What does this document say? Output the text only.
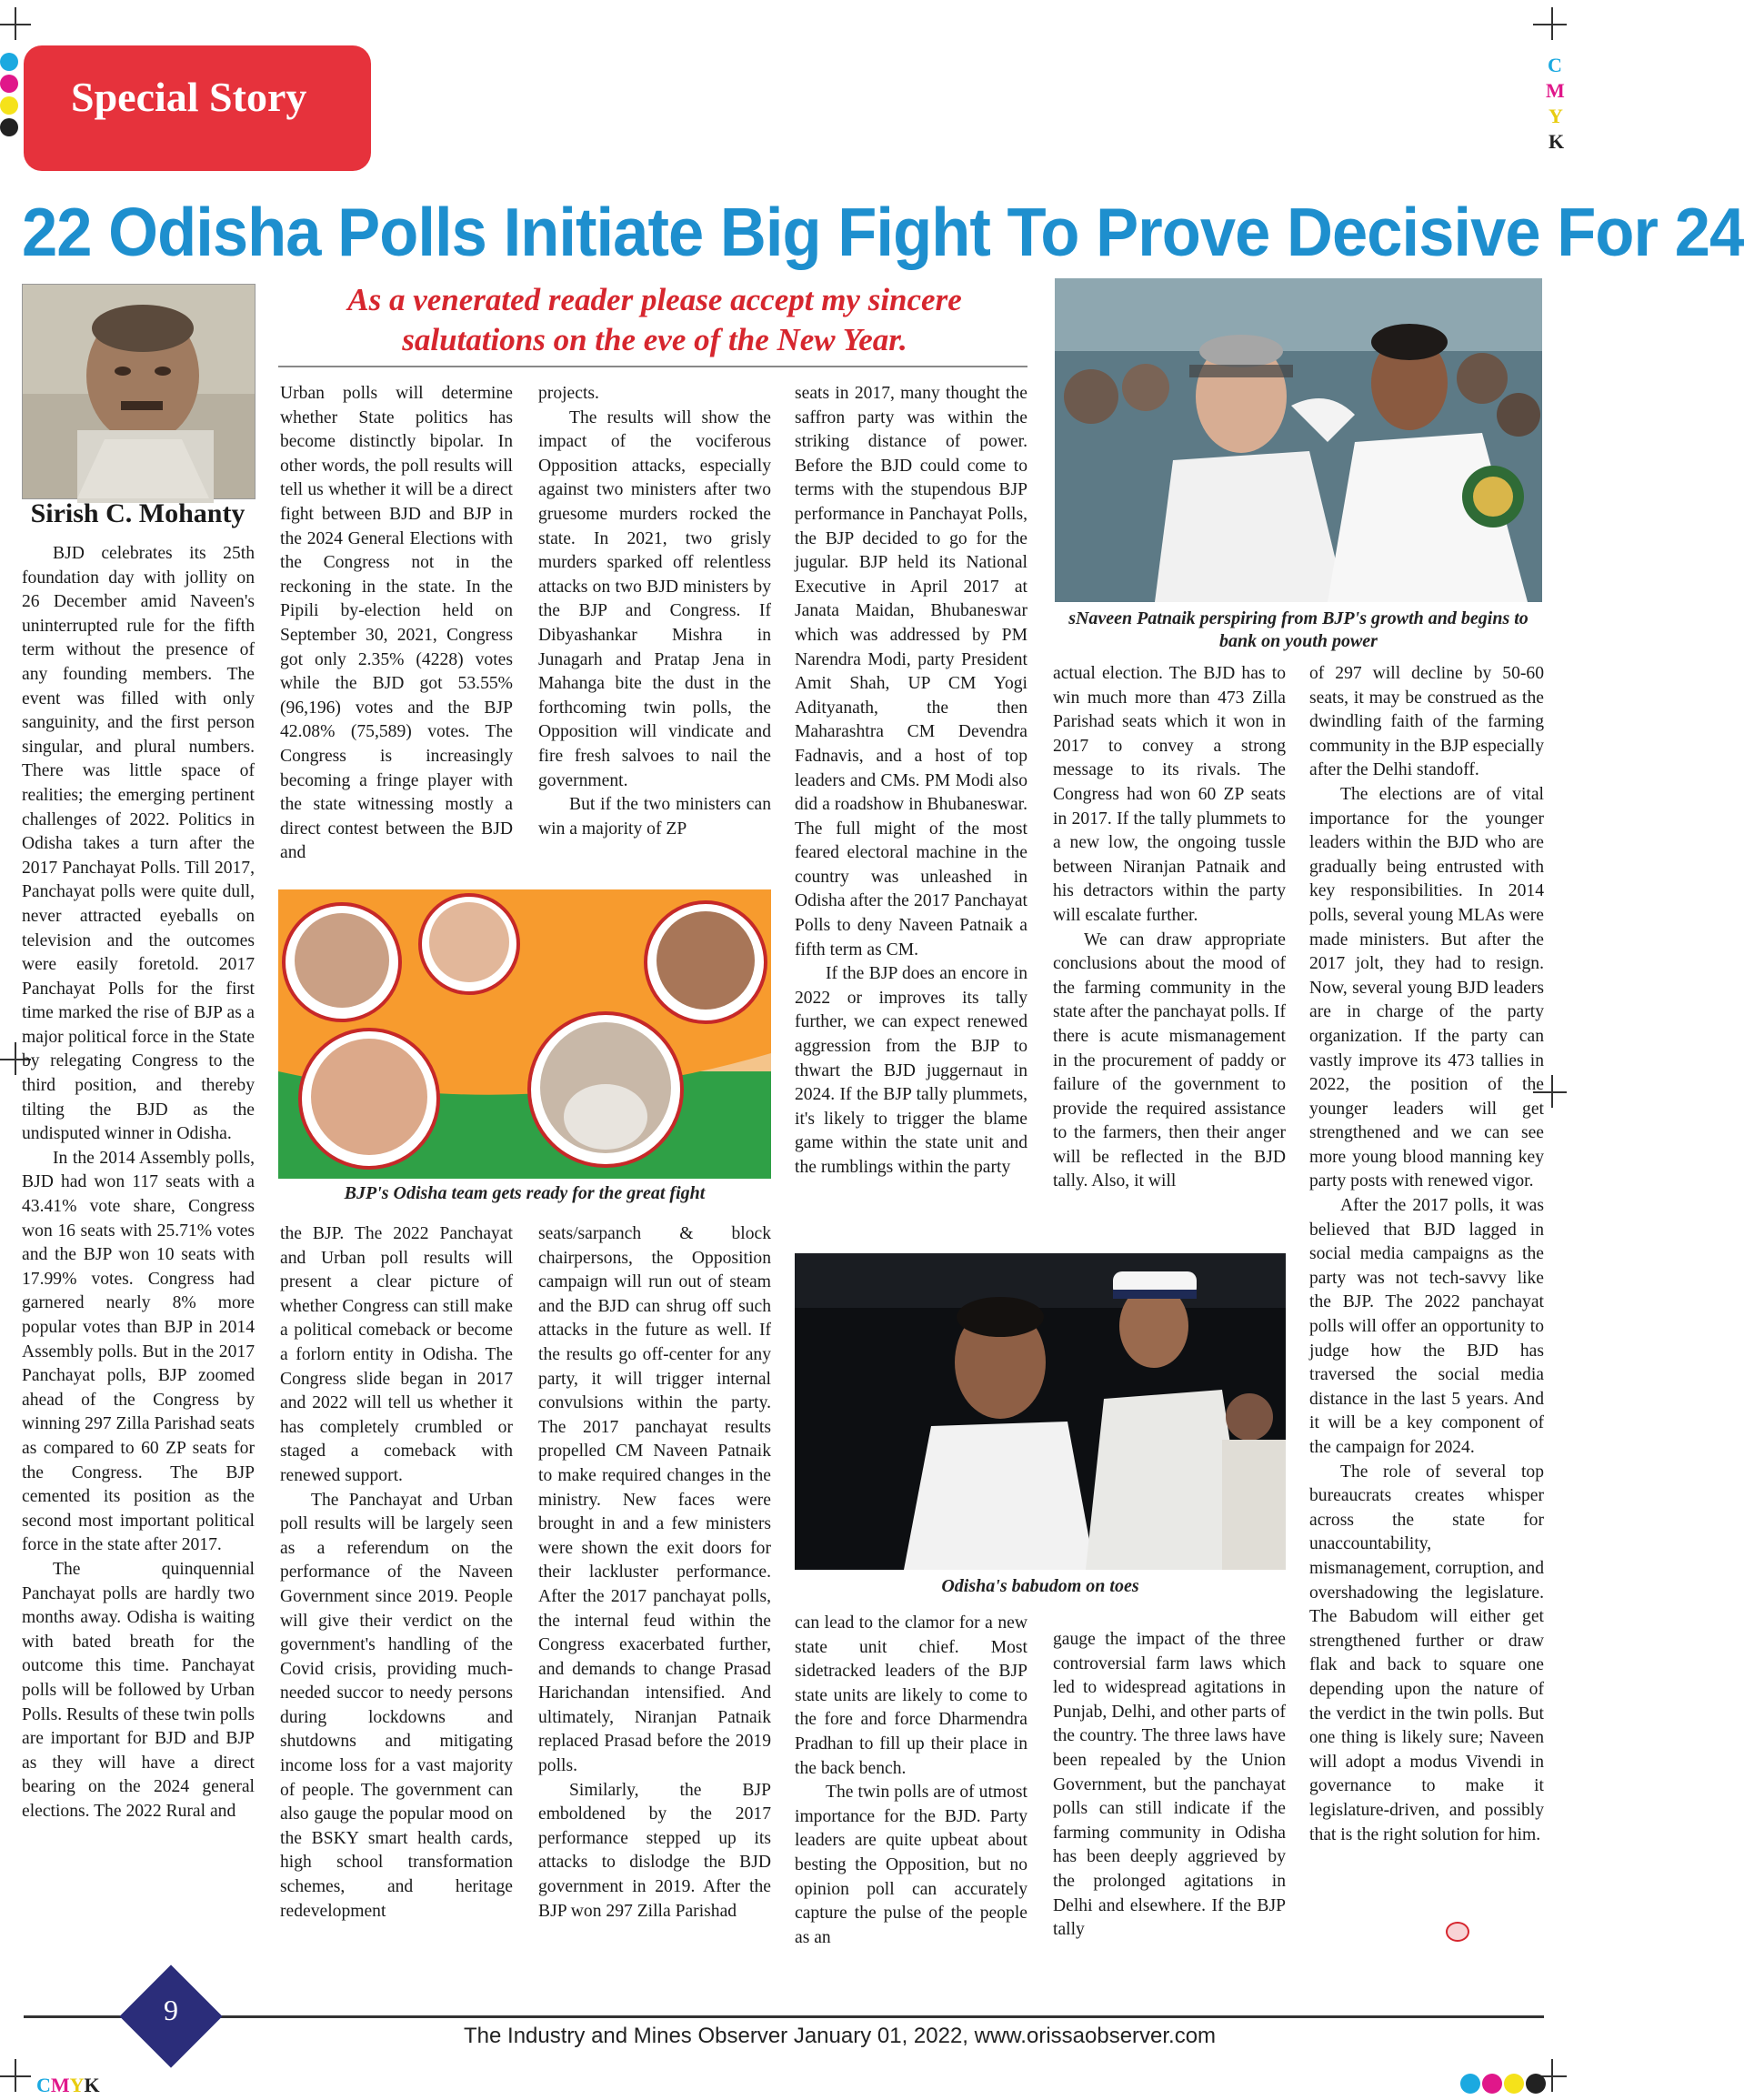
C
M
Y
K
CMYK
Special Story
22 Odisha Polls Initiate Big Fight To Prove Decisive For 24
Sirish C. Mohanty
As a venerated reader please accept my sincere salutations on the eve of the New Year.
sNaveen Patnaik perspiring from BJP's growth and begins to bank on youth power
BJP's Odisha team gets ready for the great fight
Odisha's babudom on toes

BJD celebrates its 25th foundation day with jollity on 26 December amid Naveen's uninterrupted rule for the fifth term without the presence of any founding members. The event was filled with only sanguinity, and the first person singular, and plural numbers. There was little space of realities; the emerging pertinent challenges of 2022. Politics in Odisha takes a turn after the 2017 Panchayat Polls. Till 2017, Panchayat polls were quite dull, never attracted eyeballs on television and the outcomes were easily foretold. 2017 Panchayat Polls for the first time marked the rise of BJP as a major political force in the State by relegating Congress to the third position, and thereby tilting the BJD as the undisputed winner in Odisha.

In the 2014 Assembly polls, BJD had won 117 seats with a 43.41% vote share, Congress won 16 seats with 25.71% votes and the BJP won 10 seats with 17.99% votes. Congress had garnered nearly 8% more popular votes than BJP in 2014 Assembly polls. But in the 2017 Panchayat polls, BJP zoomed ahead of the Congress by winning 297 Zilla Parishad seats as compared to 60 ZP seats for the Congress. The BJP cemented its position as the second most important political force in the state after 2017.

The quinquennial Panchayat polls are hardly two months away. Odisha is waiting with bated breath for the outcome this time. Panchayat polls will be followed by Urban Polls. Results of these twin polls are important for BJD and BJP as they will have a direct bearing on the 2024 general elections. The 2022 Rural and

Urban polls will determine whether State politics has become distinctly bipolar. In other words, the poll results will tell us whether it will be a direct fight between BJD and BJP in the 2024 General Elections with the Congress not in the reckoning in the state. In the Pipili by-election held on September 30, 2021, Congress got only 2.35% (4228) votes while the BJD got 53.55% (96,196) votes and the BJP 42.08% (75,589) votes. The Congress is increasingly becoming a fringe player with the state witnessing mostly a direct contest between the BJD and

projects.

The results will show the impact of the vociferous Opposition attacks, especially against two ministers after two gruesome murders rocked the state. In 2021, two grisly murders sparked off relentless attacks on two BJD ministers by the BJP and Congress. If Dibyashankar Mishra in Junagarh and Pratap Jena in Mahanga bite the dust in the forthcoming twin polls, the Opposition will vindicate and fire fresh salvoes to nail the government.

But if the two ministers can win a majority of ZP

seats in 2017, many thought the saffron party was within the striking distance of power. Before the BJD could come to terms with the stupendous BJP performance in Panchayat Polls, the BJP decided to go for the jugular. BJP held its National Executive in April 2017 at Janata Maidan, Bhubaneswar which was addressed by PM Narendra Modi, party President Amit Shah, UP CM Yogi Adityanath, the then Maharashtra CM Devendra Fadnavis, and a host of top leaders and CMs. PM Modi also did a roadshow in Bhubaneswar. The full might of the most feared electoral machine in the country was unleashed in Odisha after the 2017 Panchayat Polls to deny Naveen Patnaik a fifth term as CM.

If the BJP does an encore in 2022 or improves its tally further, we can expect renewed aggression from the BJP to thwart the BJD juggernaut in 2024. If the BJP tally plummets, it's likely to trigger the blame game within the state unit and the rumblings within the party

the BJP. The 2022 Panchayat and Urban poll results will present a clear picture of whether Congress can still make a political comeback or become a forlorn entity in Odisha. The Congress slide began in 2017 and 2022 will tell us whether it has completely crumbled or staged a comeback with renewed support.

The Panchayat and Urban poll results will be largely seen as a referendum on the performance of the Naveen Government since 2019. People will give their verdict on the government's handling of the Covid crisis, providing much-needed succor to needy persons during lockdowns and shutdowns and mitigating income loss for a vast majority of people. The government can also gauge the popular mood on the BSKY smart health cards, high school transformation schemes, and heritage redevelopment

seats/sarpanch & block chairpersons, the Opposition campaign will run out of steam and the BJD can shrug off such attacks in the future as well. If the results go off-center for any party, it will trigger internal convulsions within the party. The 2017 panchayat results propelled CM Naveen Patnaik to make required changes in the ministry. New faces were brought in and a few ministers were shown the exit doors for their lackluster performance. After the 2017 panchayat polls, the internal feud within the Congress exacerbated further, and demands to change Prasad Harichandan intensified. And ultimately, Niranjan Patnaik replaced Prasad before the 2019 polls.

Similarly, the BJP emboldened by the 2017 performance stepped up its attacks to dislodge the BJD government in 2019. After the BJP won 297 Zilla Parishad

actual election. The BJD has to win much more than 473 Zilla Parishad seats which it won in 2017 to convey a strong message to its rivals. The Congress had won 60 ZP seats in 2017. If the tally plummets to a new low, the ongoing tussle between Niranjan Patnaik and his detractors within the party will escalate further.

We can draw appropriate conclusions about the mood of the farming community in the state after the panchayat polls. If there is acute mismanagement in the procurement of paddy or failure of the government to provide the required assistance to the farmers, then their anger will be reflected in the BJD tally. Also, it will

of 297 will decline by 50-60 seats, it may be construed as the dwindling faith of the farming community in the BJP especially after the Delhi standoff.

The elections are of vital importance for the younger leaders within the BJD who are gradually being entrusted with key responsibilities. In 2014 polls, several young MLAs were made ministers. But after the 2017 jolt, they had to resign. Now, several young BJD leaders are in charge of the party organization. If the party can vastly improve its 473 tallies in 2022, the position of the younger leaders will get strengthened and we can see more young blood manning key party posts with renewed vigor.

After the 2017 polls, it was believed that BJD lagged in social media campaigns as the party was not tech-savvy like the BJP. The 2022 panchayat polls will offer an opportunity to judge how the BJD has traversed the social media distance in the last 5 years. And it will be a key component of the campaign for 2024.

The role of several top bureaucrats creates whisper across the state for unaccountability, mismanagement, corruption, and overshadowing the legislature. The Babudom will either get strengthened further or draw flak and back to square one depending upon the nature of the verdict in the twin polls. But one thing is likely sure; Naveen will adopt a modus Vivendi in governance to make it legislature-driven, and possibly that is the right solution for him.

can lead to the clamor for a new state unit chief. Most sidetracked leaders of the BJP state units are likely to come to the fore and force Dharmendra Pradhan to fill up their place in the back bench.

The twin polls are of utmost importance for the BJD. Party leaders are quite upbeat about besting the Opposition, but no opinion poll can accurately capture the pulse of the people as an

gauge the impact of the three controversial farm laws which led to widespread agitations in Punjab, Delhi, and other parts of the country. The three laws have been repealed by the Union Government, but the panchayat polls can still indicate if the farming community in Odisha has been deeply aggrieved by the prolonged agitations in Delhi and elsewhere. If the BJP tally

9
The Industry and Mines Observer January 01, 2022, www.orissaobserver.com
